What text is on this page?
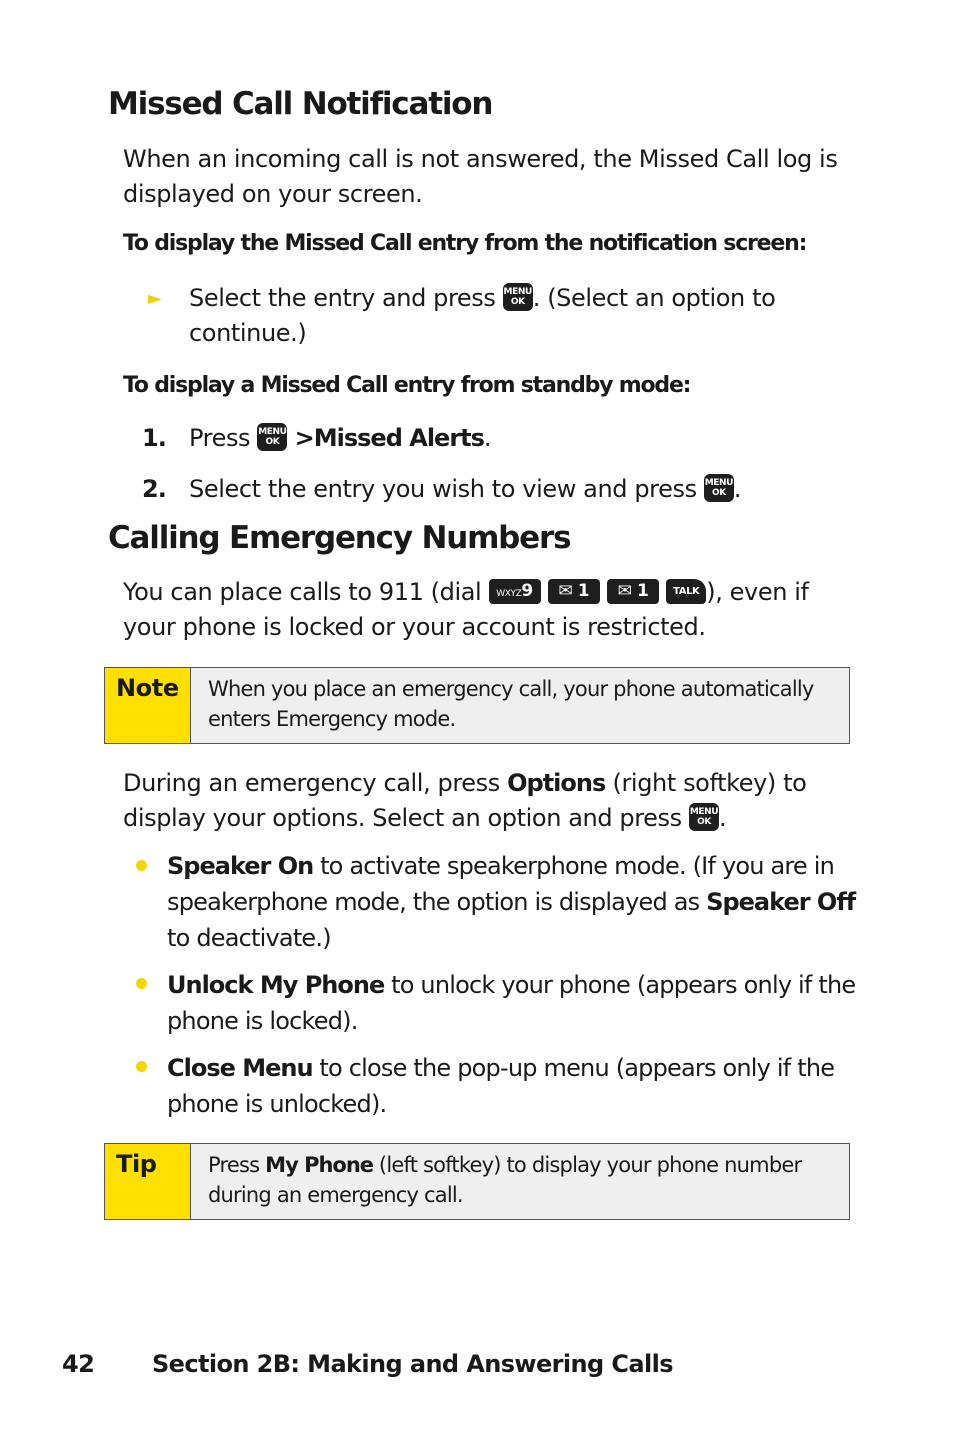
Missed Call Notification
When an incoming call is not answered, the Missed Call log is displayed on your screen.
To display the Missed Call entry from the notification screen:
► Select the entry and press MENU
OK . (Select an option to continue.)
To display a Missed Call entry from standby mode:
1. Press MENU
OK >Missed Alerts.
2. Select the entry you wish to view and press MENU
OK .
Calling Emergency Numbers
You can place calls to 911 (dial WXYZ9 ✉ 1 ✉ 1 TALK ), even if your phone is locked or your account is restricted.
Note	When you place an emergency call, your phone automatically enters Emergency mode.
During an emergency call, press Options (right softkey) to display your options. Select an option and press MENU
OK .
Speaker On to activate speakerphone mode. (If you are in speakerphone mode, the option is displayed as Speaker Off to deactivate.)
Unlock My Phone to unlock your phone (appears only if the phone is locked).
Close Menu to close the pop-up menu (appears only if the phone is unlocked).
Tip	Press My Phone (left softkey) to display your phone number during an emergency call.
42 Section 2B: Making and Answering Calls
